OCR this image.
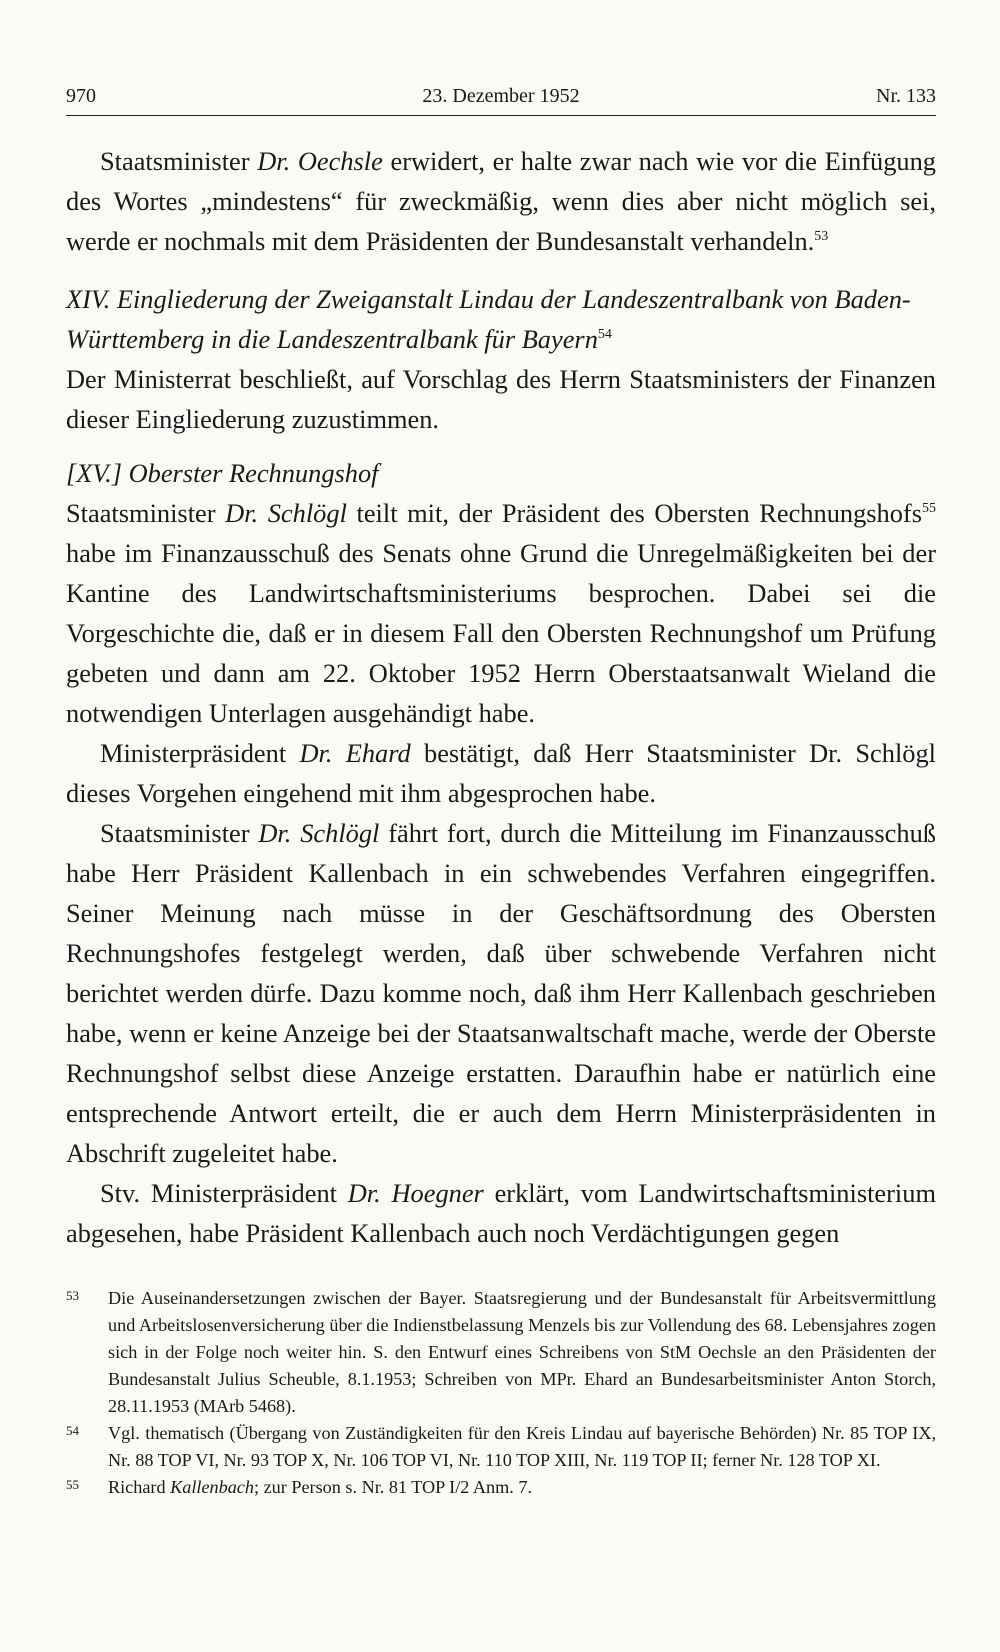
970	23. Dezember 1952	Nr. 133

Staatsminister Dr. Oechsle erwidert, er halte zwar nach wie vor die Einfügung des Wortes „mindestens“ für zweckmäßig, wenn dies aber nicht möglich sei, werde er nochmals mit dem Präsidenten der Bundesanstalt verhandeln.$^{53}$

XIV. Eingliederung der Zweiganstalt Lindau der Landeszentralbank von Baden-Württemberg in die Landeszentralbank für Bayern$^{54}$

Der Ministerrat beschließt, auf Vorschlag des Herrn Staatsministers der Finanzen dieser Eingliederung zuzustimmen.

[XV.] Oberster Rechnungshof

Staatsminister Dr. Schlögl teilt mit, der Präsident des Obersten Rechnungshofs$^{55}$ habe im Finanzausschuß des Senats ohne Grund die Unregelmäßigkeiten bei der Kantine des Landwirtschaftsministeriums besprochen. Dabei sei die Vorgeschichte die, daß er in diesem Fall den Obersten Rechnungshof um Prüfung gebeten und dann am 22. Oktober 1952 Herrn Oberstaatsanwalt Wieland die notwendigen Unterlagen ausgehändigt habe.

Ministerpräsident Dr. Ehard bestätigt, daß Herr Staatsminister Dr. Schlögl dieses Vorgehen eingehend mit ihm abgesprochen habe.

Staatsminister Dr. Schlögl fährt fort, durch die Mitteilung im Finanzausschuß habe Herr Präsident Kallenbach in ein schwebendes Verfahren eingegriffen. Seiner Meinung nach müsse in der Geschäftsordnung des Obersten Rechnungshofes festgelegt werden, daß über schwebende Verfahren nicht berichtet werden dürfe. Dazu komme noch, daß ihm Herr Kallenbach geschrieben habe, wenn er keine Anzeige bei der Staatsanwaltschaft mache, werde der Oberste Rechnungshof selbst diese Anzeige erstatten. Daraufhin habe er natürlich eine entsprechende Antwort erteilt, die er auch dem Herrn Ministerpräsidenten in Abschrift zugeleitet habe.

Stv. Ministerpräsident Dr. Hoegner erklärt, vom Landwirtschaftsministerium abgesehen, habe Präsident Kallenbach auch noch Verdächtigungen gegen

53 Die Auseinandersetzungen zwischen der Bayer. Staatsregierung und der Bundesanstalt für Arbeitsvermittlung und Arbeitslosenversicherung über die Indienstbelassung Menzels bis zur Vollendung des 68. Lebensjahres zogen sich in der Folge noch weiter hin. S. den Entwurf eines Schreibens von StM Oechsle an den Präsidenten der Bundesanstalt Julius Scheuble, 8.1.1953; Schreiben von MPr. Ehard an Bundesarbeitsminister Anton Storch, 28.11.1953 (MArb 5468).

54 Vgl. thematisch (Übergang von Zuständigkeiten für den Kreis Lindau auf bayerische Behörden) Nr. 85 TOP IX, Nr. 88 TOP VI, Nr. 93 TOP X, Nr. 106 TOP VI, Nr. 110 TOP XIII, Nr. 119 TOP II; ferner Nr. 128 TOP XI.

55 Richard Kallenbach; zur Person s. Nr. 81 TOP I/2 Anm. 7.
